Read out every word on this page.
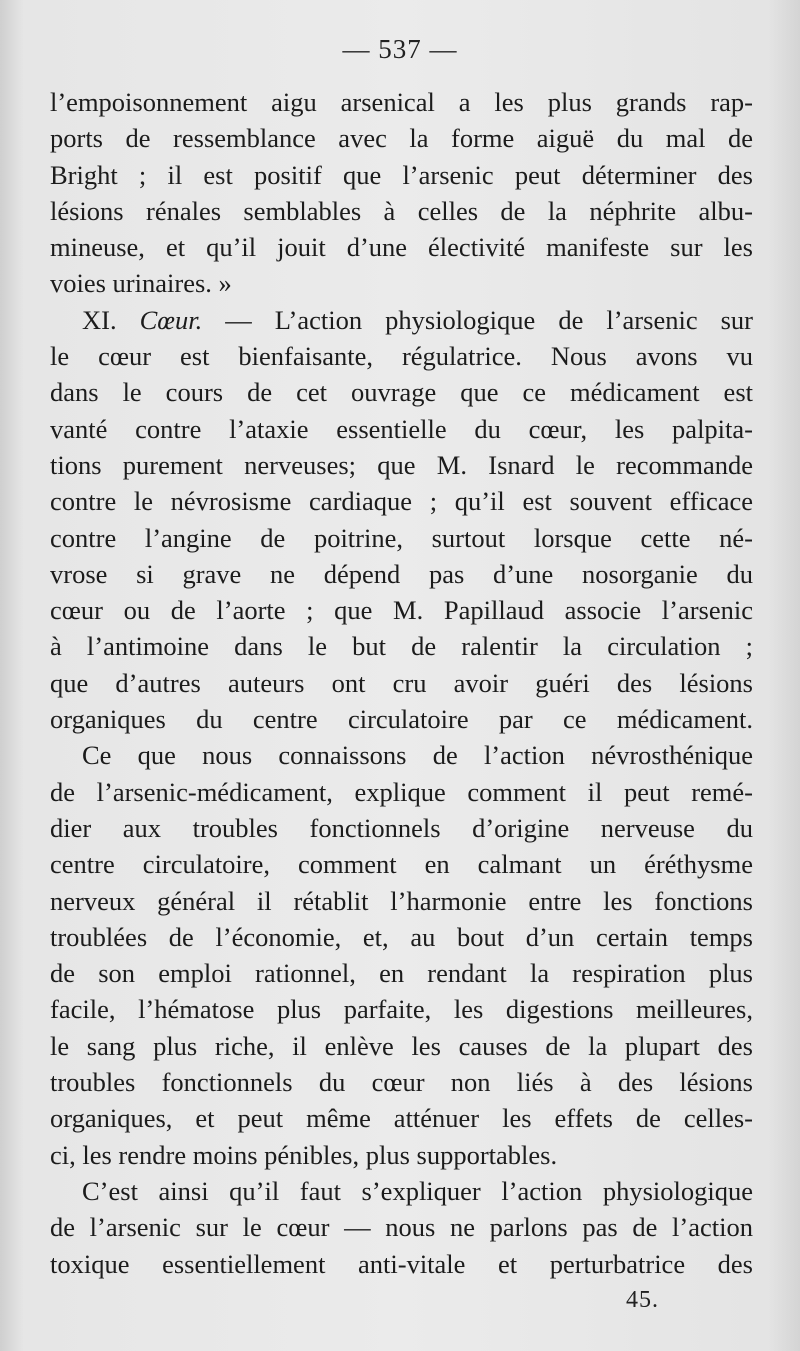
— 537 —
l’empoisonnement aigu arsenical a les plus grands rap-
ports de ressemblance avec la forme aiguë du mal de
Bright ; il est positif que l’arsenic peut déterminer des
lésions rénales semblables à celles de la néphrite albu-
mineuse, et qu’il jouit d’une électivité manifeste sur les
voies urinaires. »
XI. Cœur. — L’action physiologique de l’arsenic sur
le cœur est bienfaisante, régulatrice. Nous avons vu
dans le cours de cet ouvrage que ce médicament est
vanté contre l’ataxie essentielle du cœur, les palpita-
tions purement nerveuses; que M. Isnard le recommande
contre le névrosisme cardiaque ; qu’il est souvent efficace
contre l’angine de poitrine, surtout lorsque cette né-
vrose si grave ne dépend pas d’une nosorganie du
cœur ou de l’aorte ; que M. Papillaud associe l’arsenic
à l’antimoine dans le but de ralentir la circulation ;
que d’autres auteurs ont cru avoir guéri des lésions
organiques du centre circulatoire par ce médicament.
Ce que nous connaissons de l’action névrosthénique
de l’arsenic-médicament, explique comment il peut remé-
dier aux troubles fonctionnels d’origine nerveuse du
centre circulatoire, comment en calmant un éréthysme
nerveux général il rétablit l’harmonie entre les fonctions
troublées de l’économie, et, au bout d’un certain temps
de son emploi rationnel, en rendant la respiration plus
facile, l’hématose plus parfaite, les digestions meilleures,
le sang plus riche, il enlève les causes de la plupart des
troubles fonctionnels du cœur non liés à des lésions
organiques, et peut même atténuer les effets de celles-
ci, les rendre moins pénibles, plus supportables.
C’est ainsi qu’il faut s’expliquer l’action physiologique
de l’arsenic sur le cœur — nous ne parlons pas de l’action
toxique essentiellement anti-vitale et perturbatrice des
45.
